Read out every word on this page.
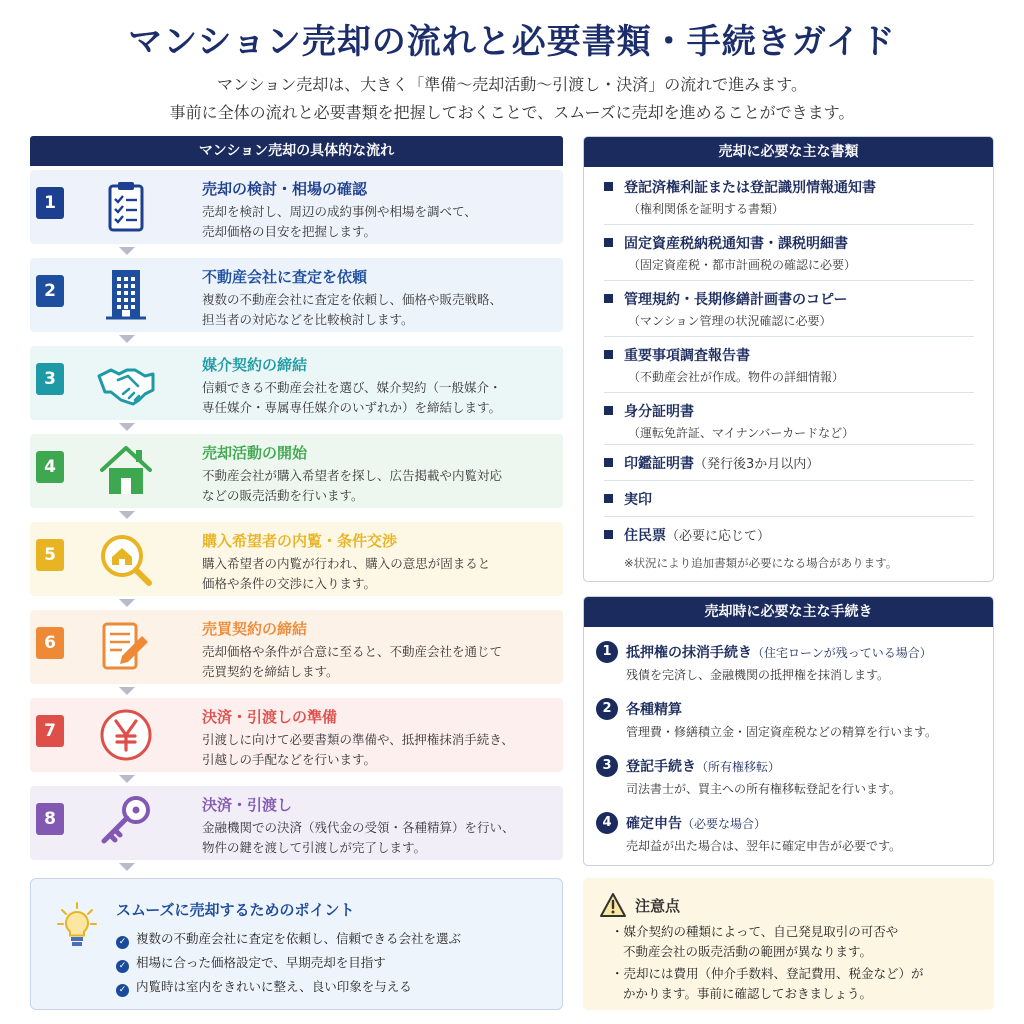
マンション売却の流れと必要書類・手続きガイド
マンション売却は、大きく「準備〜売却活動〜引渡し・決済」の流れで進みます。
事前に全体の流れと必要書類を把握しておくことで、スムーズに売却を進めることができます。
マンション売却の具体的な流れ
1
売却の検討・相場の確認
売却を検討し、周辺の成約事例や相場を調べて、
売却価格の目安を把握します。
2
不動産会社に査定を依頼
複数の不動産会社に査定を依頼し、価格や販売戦略、
担当者の対応などを比較検討します。
3
媒介契約の締結
信頼できる不動産会社を選び、媒介契約（一般媒介・
専任媒介・専属専任媒介のいずれか）を締結します。
4
売却活動の開始
不動産会社が購入希望者を探し、広告掲載や内覧対応
などの販売活動を行います。
5
購入希望者の内覧・条件交渉
購入希望者の内覧が行われ、購入の意思が固まると
価格や条件の交渉に入ります。
6
売買契約の締結
売却価格や条件が合意に至ると、不動産会社を通じて
売買契約を締結します。
7
決済・引渡しの準備
引渡しに向けて必要書類の準備や、抵押権抹消手続き、
引越しの手配などを行います。
8
決済・引渡し
金融機関での決済（残代金の受領・各種精算）を行い、
物件の鍵を渡して引渡しが完了します。
スムーズに売却するためのポイント
✓ 複数の不動産会社に査定を依頼し、信頼できる会社を選ぶ
✓ 相場に合った価格設定で、早期売却を目指す
✓ 内覧時は室内をきれいに整え、良い印象を与える
売却に必要な主な書類
登記済権利証または登記識別情報通知書
（権利関係を証明する書類）
固定資産税納税通知書・課税明細書
（固定資産税・都市計画税の確認に必要）
管理規約・長期修繕計画書のコピー
（マンション管理の状況確認に必要）
重要事項調査報告書
（不動産会社が作成。物件の詳細情報）
身分証明書
（運転免許証、マイナンバーカードなど）
印鑑証明書（発行後3か月以内）
実印
住民票（必要に応じて）
※状況により追加書類が必要になる場合があります。
売却時に必要な主な手続き
1	抵押権の抹消手続き（住宅ローンが残っている場合）
残債を完済し、金融機関の抵押権を抹消します。
2	各種精算
管理費・修繕積立金・固定資産税などの精算を行います。
3	登記手続き（所有権移転）
司法書士が、買主への所有権移転登記を行います。
4	確定申告（必要な場合）
売却益が出た場合は、翌年に確定申告が必要です。
注意点
・媒介契約の種類によって、自己発見取引の可否や
不動産会社の販売活動の範囲が異なります。
・売却には費用（仲介手数料、登記費用、税金など）が
かかります。事前に確認しておきましょう。
